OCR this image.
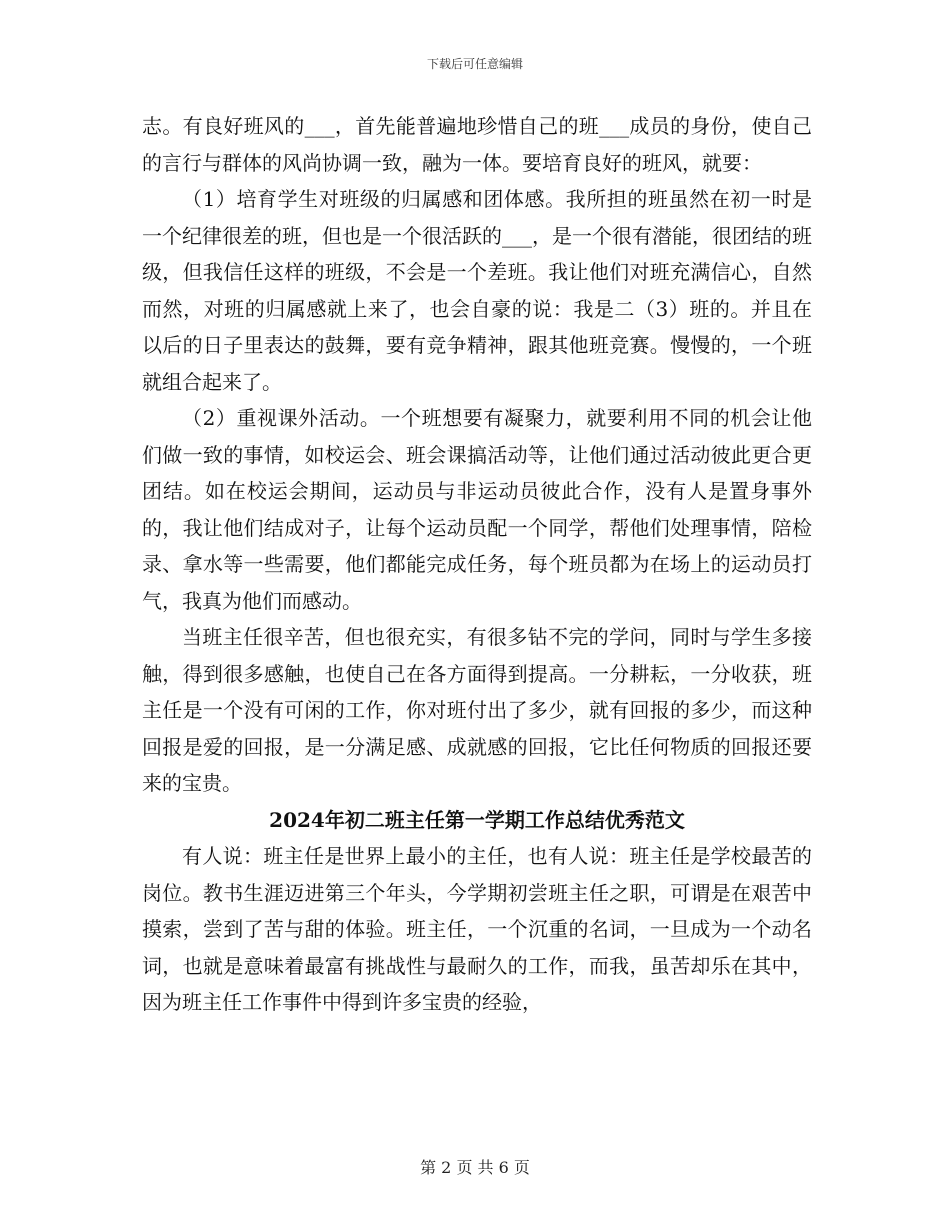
下载后可任意编辑

志。有良好班风的___，首先能普遍地珍惜自己的班___成员的身份，使自己的言行与群体的风尚协调一致，融为一体。要培育良好的班风，就要：

（1）培育学生对班级的归属感和团体感。我所担的班虽然在初一时是一个纪律很差的班，但也是一个很活跃的___，是一个很有潜能，很团结的班级，但我信任这样的班级，不会是一个差班。我让他们对班充满信心，自然而然，对班的归属感就上来了，也会自豪的说：我是二（3）班的。并且在以后的日子里表达的鼓舞，要有竞争精神，跟其他班竞赛。慢慢的，一个班就组合起来了。

（2）重视课外活动。一个班想要有凝聚力，就要利用不同的机会让他们做一致的事情，如校运会、班会课搞活动等，让他们通过活动彼此更合更团结。如在校运会期间，运动员与非运动员彼此合作，没有人是置身事外的，我让他们结成对子，让每个运动员配一个同学，帮他们处理事情，陪检录、拿水等一些需要，他们都能完成任务，每个班员都为在场上的运动员打气，我真为他们而感动。

当班主任很辛苦，但也很充实，有很多钻不完的学问，同时与学生多接触，得到很多感触，也使自己在各方面得到提高。一分耕耘，一分收获，班主任是一个没有可闲的工作，你对班付出了多少，就有回报的多少，而这种回报是爱的回报，是一分满足感、成就感的回报，它比任何物质的回报还要来的宝贵。

2024年初二班主任第一学期工作总结优秀范文

有人说：班主任是世界上最小的主任，也有人说：班主任是学校最苦的岗位。教书生涯迈进第三个年头，今学期初尝班主任之职，可谓是在艰苦中摸索，尝到了苦与甜的体验。班主任，一个沉重的名词，一旦成为一个动名词，也就是意味着最富有挑战性与最耐久的工作，而我，虽苦却乐在其中，因为班主任工作事件中得到许多宝贵的经验，

第 2 页 共 6 页
